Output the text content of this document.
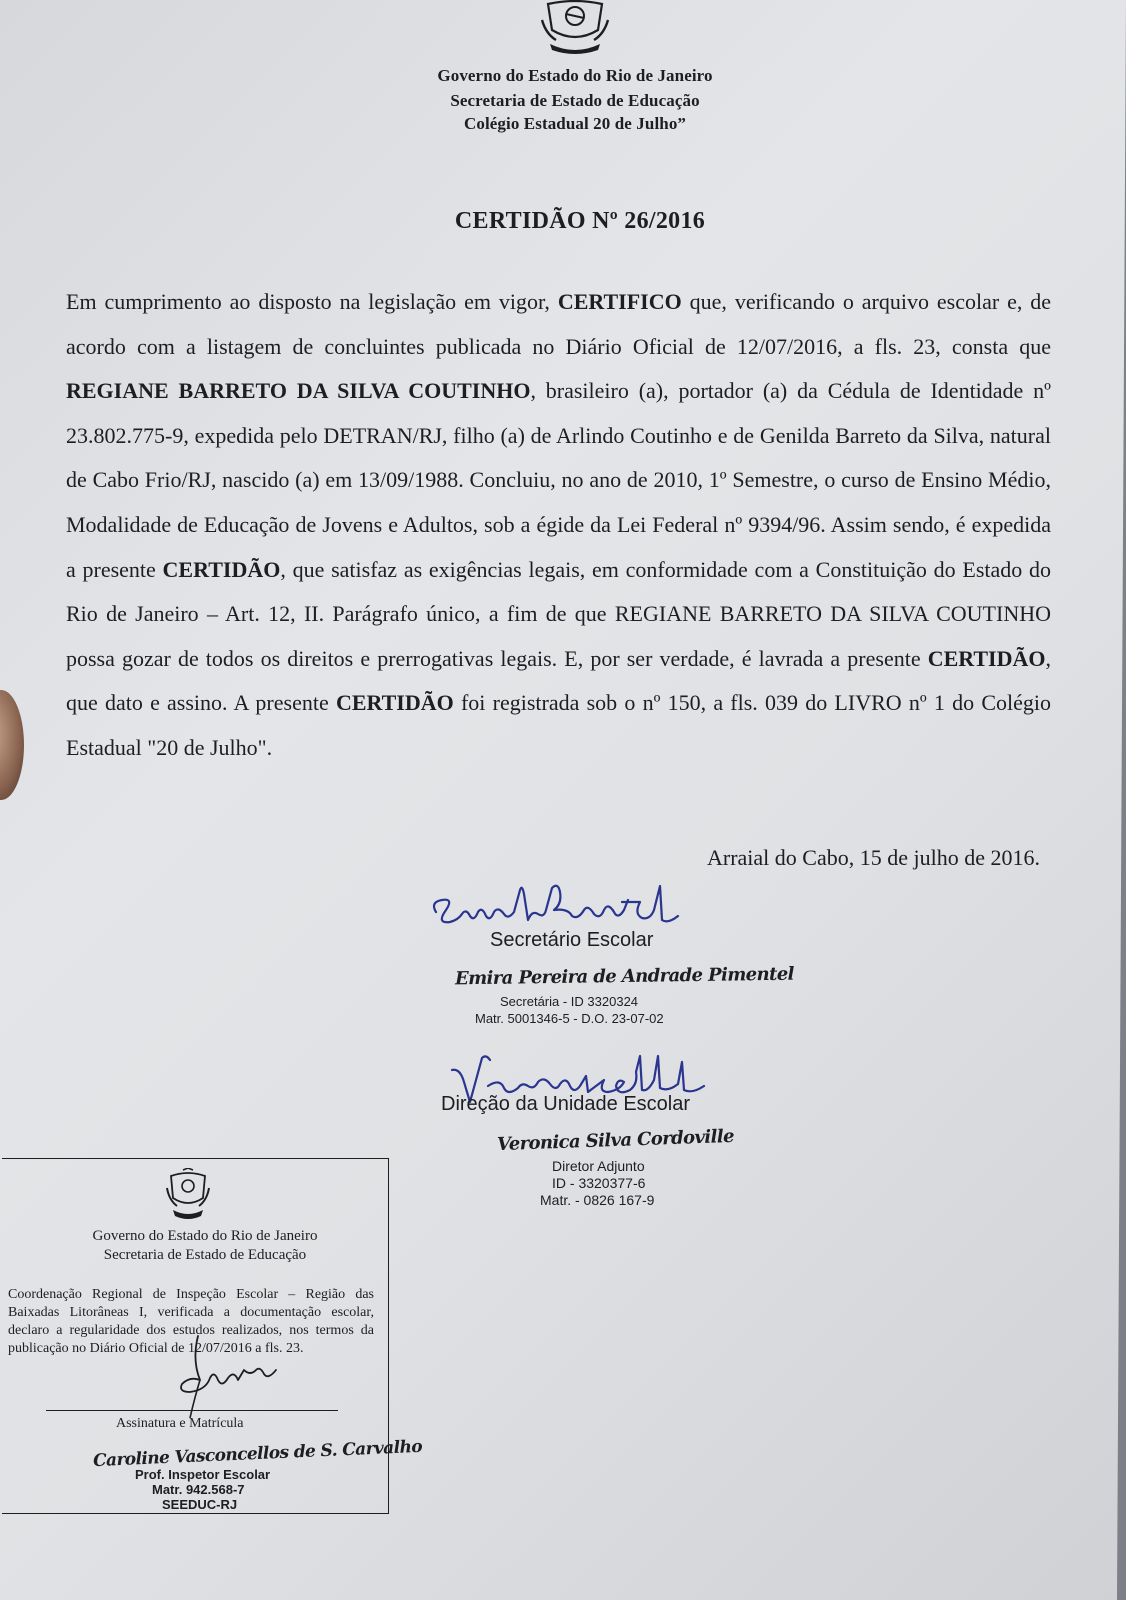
Governo do Estado do Rio de Janeiro
Secretaria de Estado de Educação
Colégio Estadual 20 de Julho”
CERTIDÃO Nº 26/2016
Em cumprimento ao disposto na legislação em vigor, CERTIFICO que, verificando o arquivo escolar e, de acordo com a listagem de concluintes publicada no Diário Oficial de 12/07/2016, a fls. 23, consta que REGIANE BARRETO DA SILVA COUTINHO, brasileiro (a), portador (a) da Cédula de Identidade nº 23.802.775-9, expedida pelo DETRAN/RJ, filho (a) de Arlindo Coutinho e de Genilda Barreto da Silva, natural de Cabo Frio/RJ, nascido (a) em 13/09/1988. Concluiu, no ano de 2010, 1º Semestre, o curso de Ensino Médio, Modalidade de Educação de Jovens e Adultos, sob a égide da Lei Federal nº 9394/96. Assim sendo, é expedida a presente CERTIDÃO, que satisfaz as exigências legais, em conformidade com a Constituição do Estado do Rio de Janeiro – Art. 12, II. Parágrafo único, a fim de que REGIANE BARRETO DA SILVA COUTINHO possa gozar de todos os direitos e prerrogativas legais. E, por ser verdade, é lavrada a presente CERTIDÃO, que dato e assino. A presente CERTIDÃO foi registrada sob o nº 150, a fls. 039 do LIVRO nº 1 do Colégio Estadual "20 de Julho".
Arraial do Cabo, 15 de julho de 2016.
Secretário Escolar
Emira Pereira de Andrade Pimentel
Secretária - ID 3320324
Matr. 5001346-5 - D.O. 23-07-02
Direção da Unidade Escolar
Veronica Silva Cordoville
Diretor Adjunto
ID - 3320377-6
Matr. - 0826 167-9
Governo do Estado do Rio de Janeiro
Secretaria de Estado de Educação
Coordenação Regional de Inspeção Escolar – Região das Baixadas Litorâneas I, verificada a documentação escolar, declaro a regularidade dos estudos realizados, nos termos da publicação no Diário Oficial de 12/07/2016 a fls. 23.
Assinatura e Matrícula
Caroline Vasconcellos de S. Carvalho
Prof. Inspetor Escolar
Matr. 942.568-7
SEEDUC-RJ
